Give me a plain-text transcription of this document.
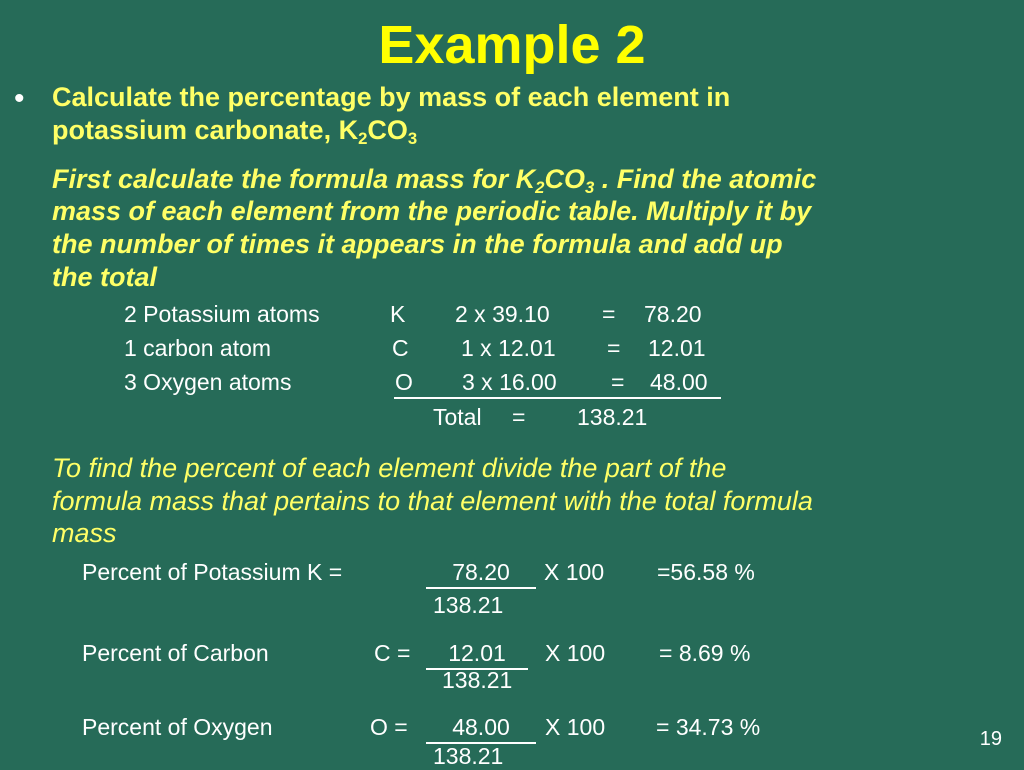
Example 2
• Calculate the percentage by mass of each element in
potassium carbonate, $K_2CO_3$
First calculate the formula mass for $K_2CO_3$ . Find the atomic
mass of each element from the periodic table. Multiply it by
the number of times it appears in the formula and add up
the total
2 Potassium atoms	K 2 x 39.10 = 78.20
1 carbon atom	C 1 x 12.01 = 12.01
3 Oxygen atoms	O 3 x 16.00 = 48.00
Total = 138.21
To find the percent of each element divide the part of the
formula mass that pertains to that element with the total formula
mass
Percent of Potassium K =	78.20	X 100 =56.58 %
138.21
Percent of Carbon	C =	12.01	X 100 = 8.69 %
138.21
Percent of Oxygen	O =	48.00	X 100 = 34.73 %
138.21
19
